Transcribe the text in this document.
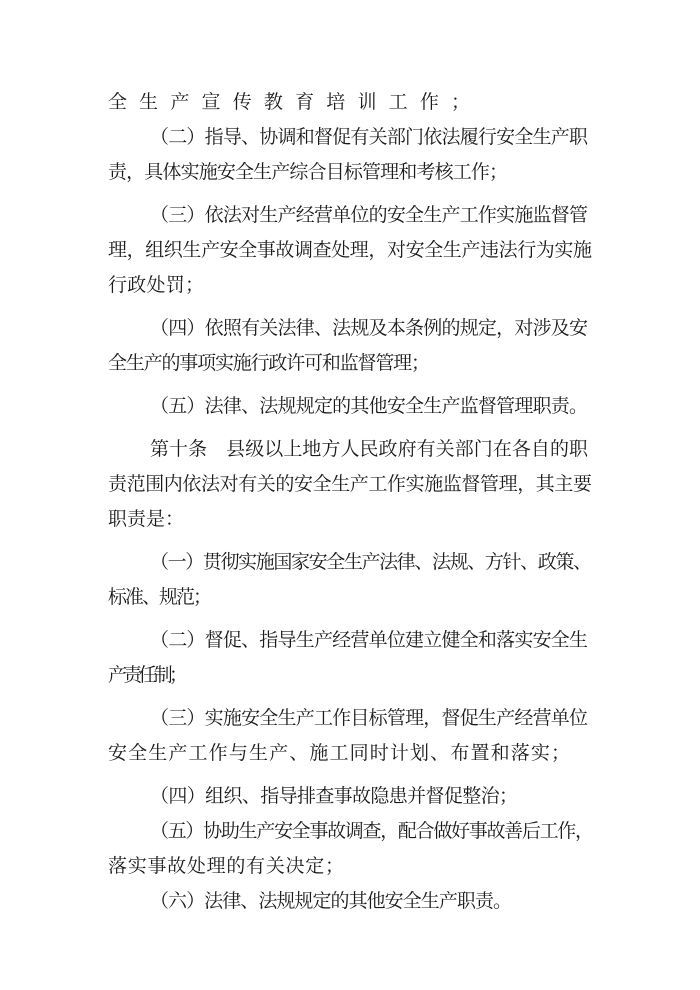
全 生 产 宣 传 教 育 培 训 工 作 ；
（ 二 ） 指 导 、 协 调 和 督 促 有 关 部 门 依 法 履 行 安 全 生 产 职
责 ， 具 体 实 施 安 全 生 产 综 合 目 标 管 理 和 考 核 工 作 ；
（ 三 ） 依 法 对 生 产 经 营 单 位 的 安 全 生 产 工 作 实 施 监 督 管
理 ， 组 织 生 产 安 全 事 故 调 查 处 理 ， 对 安 全 生 产 违 法 行 为 实 施
行 政 处 罚 ；
（ 四 ） 依 照 有 关 法 律 、 法 规 及 本 条 例 的 规 定 ， 对 涉 及 安
全
生
产
的
事
项
实
施
行
政
许
可
和
监
督
管
理
；
（ 五 ） 法 律 、 法 规 规 定 的 其 他 安 全 生 产 监 督 管 理 职 责 。
第 十 条
　 县 级 以 上 地 方 人 民 政 府 有 关 部 门 在 各 自 的 职
责 范 围 内 依 法 对 有 关 的 安 全 生 产 工 作 实 施 监 督 管 理 ， 其 主 要
职 责 是 ：
（
一
）
贯
彻
实
施
国
家
安
全
生
产
法
律
、
法
规
、
方
针
、
政
策
、
标
准
、
规
范
；
（ 二 ） 督 促 、 指 导 生 产 经 营 单 位 建 立 健 全 和 落 实 安 全 生
产
责
任
制
；
（ 三 ） 实 施 安 全 生 产 工 作 目 标 管 理 ， 督 促 生 产 经 营 单 位
安 全 生 产 工 作 与 生 产 、 施 工 同 时 计 划 、 布 置 和 落 实 ；
（ 四 ） 组 织 、 指 导 排 查 事 故 隐 患 并 督 促 整 治 ；
（
五
）
协
助
生
产
安
全
事
故
调
查
，
配
合
做
好
事
故
善
后
工
作
，
落 实 事 故 处 理 的 有 关 决 定 ；
（ 六 ） 法 律 、 法 规 规 定 的 其 他 安 全 生 产 职 责 。
